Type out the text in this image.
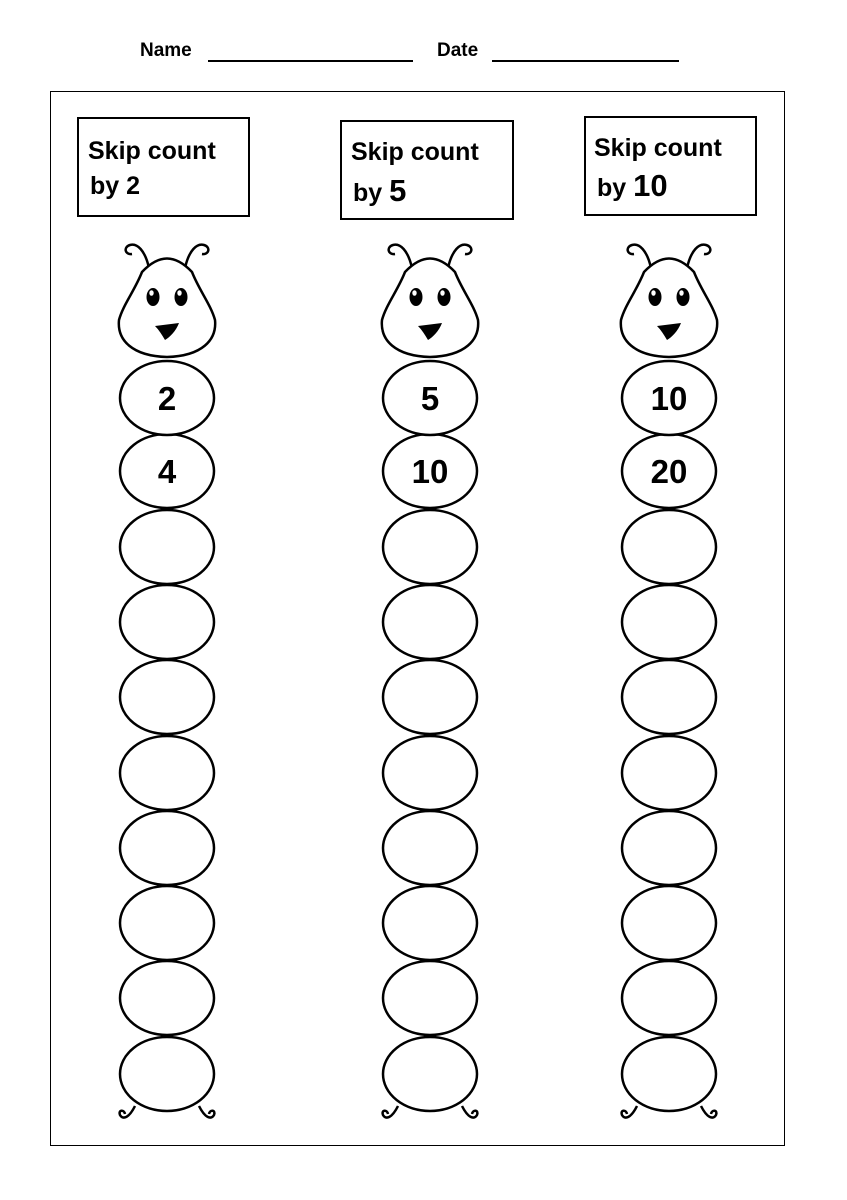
Name	Date
Skip count
by 2
Skip count
by 5
Skip count
by 10
4
2
10
5
20
10
